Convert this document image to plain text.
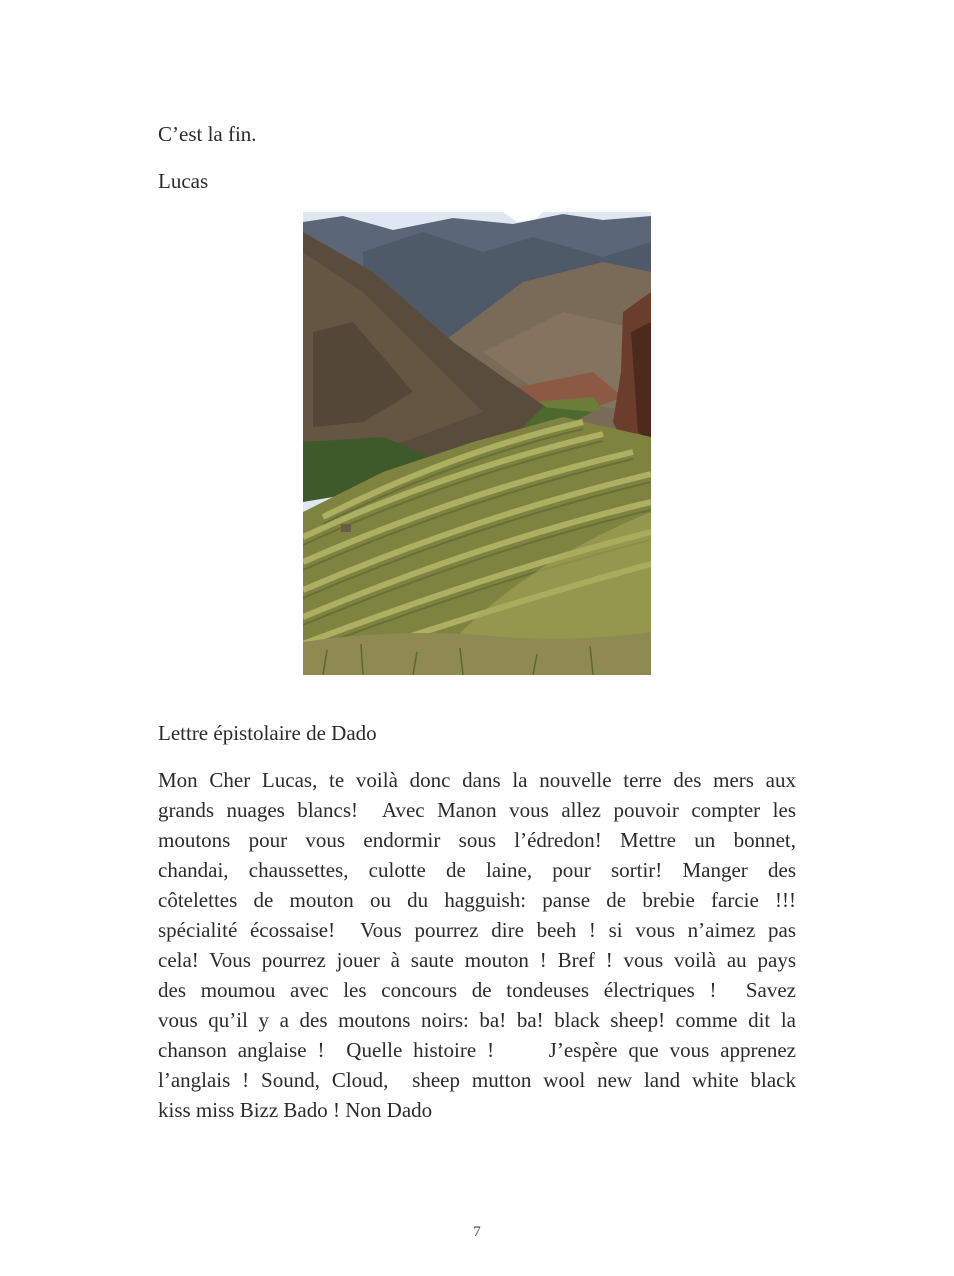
C’est la fin.
Lucas
Lettre épistolaire de Dado
Mon Cher Lucas, te voilà donc dans la nouvelle terre des mers aux
grands nuages blancs!  Avec Manon vous allez pouvoir compter les
moutons pour vous endormir sous l’édredon! Mettre un bonnet,
chandai, chaussettes, culotte de laine, pour sortir! Manger des
côtelettes de mouton ou du hagguish: panse de brebie farcie !!!
spécialité écossaise!  Vous pourrez dire beeh ! si vous n’aimez pas
cela! Vous pourrez jouer à saute mouton ! Bref ! vous voilà au pays
des moumou avec les concours de tondeuses électriques !  Savez
vous qu’il y a des moutons noirs: ba! ba! black sheep! comme dit la
chanson anglaise !  Quelle histoire !     J’espère que vous apprenez
l’anglais ! Sound, Cloud,  sheep mutton wool new land white black
kiss miss Bizz Bado ! Non Dado
7
